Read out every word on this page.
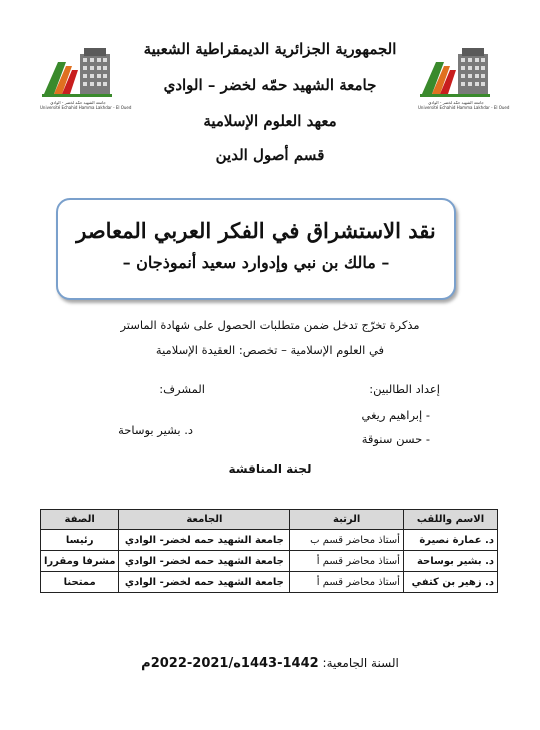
جامعة الشهيد حمّه لخضر - الوادي
Université Echahid Hamma Lakhdar - El Oued
جامعة الشهيد حمّه لخضر - الوادي
Université Echahid Hamma Lakhdar - El Oued
الجمهورية الجزائرية الديمقراطية الشعبية
جامعة الشهيد حمّه لخضر – الوادي
معهد العلوم الإسلامية
قسم أصول الدين
نقد الاستشراق في الفكر العربي المعاصر
– مالك بن نبي وإدوارد سعيد أنموذجان –
مذكرة تخرّج تدخل ضمن متطلبات الحصول على شهادة الماستر
في العلوم الإسلامية – تخصص: العقيدة الإسلامية
إعداد الطالبين:
- إبراهيم ريغي
- حسن سنوقة
المشرف:
د. بشير بوساحة
لجنة المناقشة
الاسم واللقب	الرتبة	الجامعة	الصفة
د. عمارة نصيرة	أستاذ محاضر قسم ب	جامعة الشهيد حمه لخضر- الوادي	رئيسا
د. بشير بوساحة	أستاذ محاضر قسم أ	جامعة الشهيد حمه لخضر- الوادي	مشرفا ومقررا
د. زهير بن كتفي	أستاذ محاضر قسم أ	جامعة الشهيد حمه لخضر- الوادي	ممتحنا
السنة الجامعية: 1442-1443ه/2021-2022م
